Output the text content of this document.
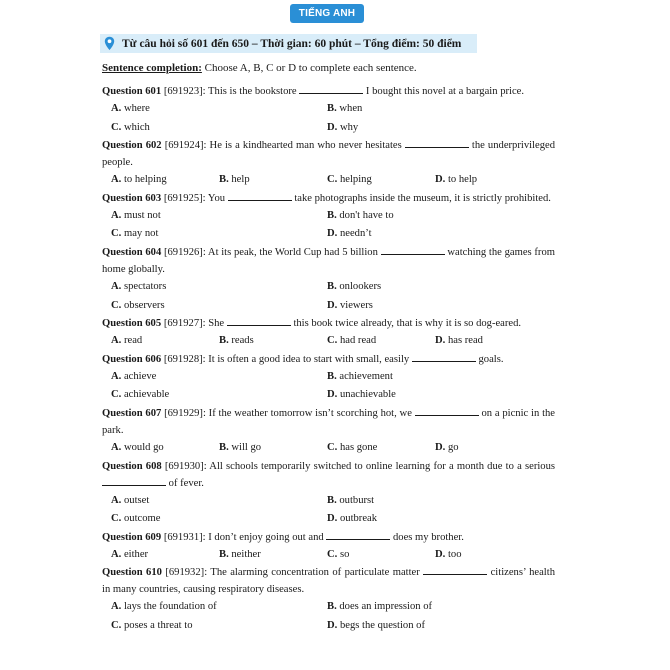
TIẾNG ANH
Từ câu hỏi số 601 đến 650 – Thời gian: 60 phút – Tổng điểm: 50 điểm
Sentence completion: Choose A, B, C or D to complete each sentence.
Question 601 [691923]: This is the bookstore	I bought this novel at a bargain price.
A. where	B. when
C. which	D. why
Question 602 [691924]: He is a kindhearted man who never hesitates	the underprivileged people.
A. to helping	B. help	C. helping	D. to help
Question 603 [691925]: You	take photographs inside the museum, it is strictly prohibited.
A. must not	B. don't have to
C. may not	D. needn’t
Question 604 [691926]: At its peak, the World Cup had 5 billion	watching the games from home globally.
A. spectators	B. onlookers
C. observers	D. viewers
Question 605 [691927]: She	this book twice already, that is why it is so dog-eared.
A. read	B. reads	C. had read	D. has read
Question 606 [691928]: It is often a good idea to start with small, easily	goals.
A. achieve	B. achievement
C. achievable	D. unachievable
Question 607 [691929]: If the weather tomorrow isn’t scorching hot, we	on a picnic in the park.
A. would go	B. will go	C. has gone	D. go
Question 608 [691930]: All schools temporarily switched to online learning for a month due to a serious  of fever.
A. outset	B. outburst
C. outcome	D. outbreak
Question 609 [691931]: I don’t enjoy going out and	does my brother.
A. either	B. neither	C. so	D. too
Question 610 [691932]: The alarming concentration of particulate matter	citizens’ health in many countries, causing respiratory diseases.
A. lays the foundation of	B. does an impression of
C. poses a threat to	D. begs the question of
